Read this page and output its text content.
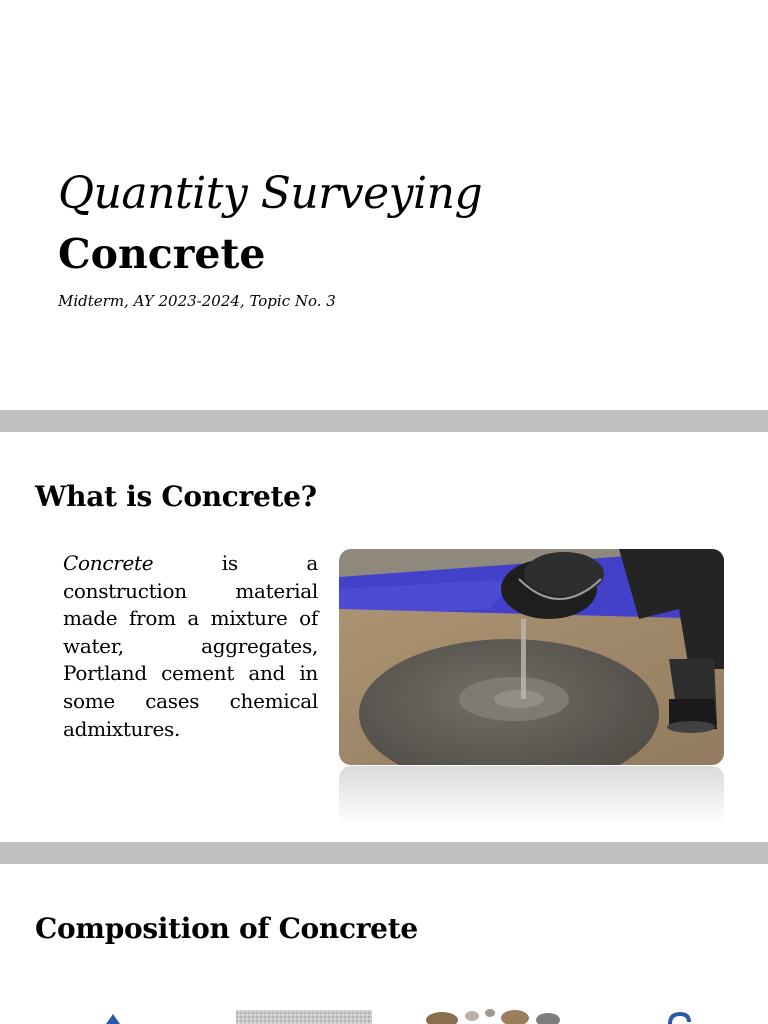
Quantity Surveying
Concrete

Midterm, AY 2023-2024, Topic No. 3

What is Concrete?

Concrete is a construction material made from a mixture of water, aggregates, Portland cement and in some cases chemical admixtures.

Composition of Concrete
